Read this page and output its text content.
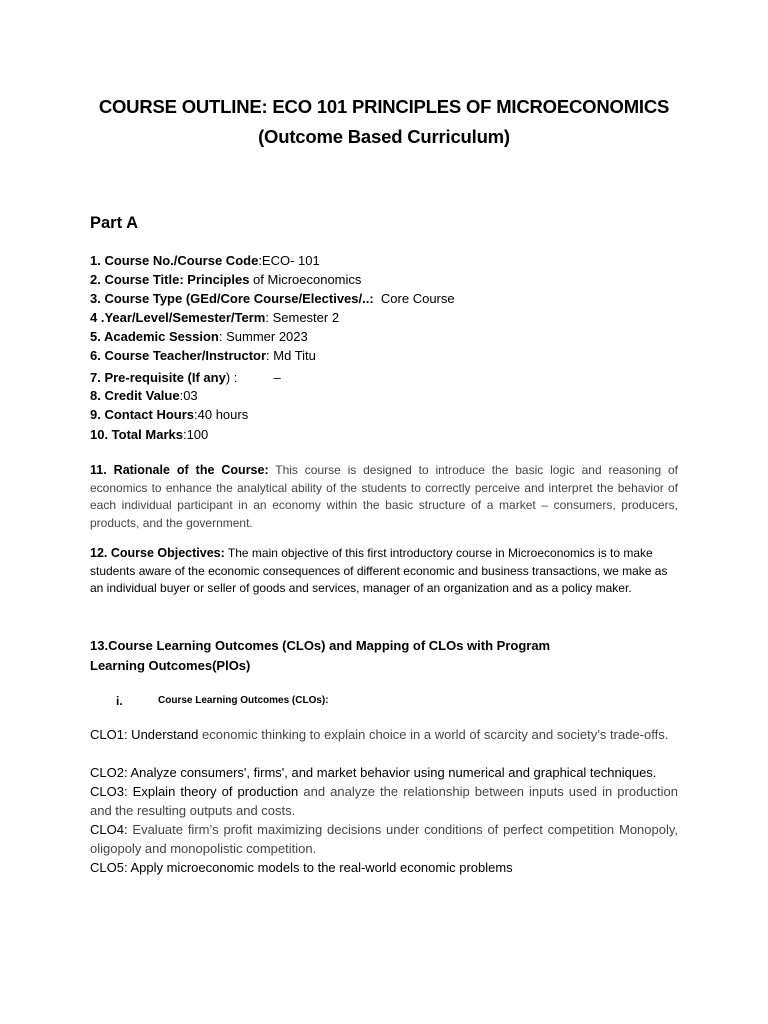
COURSE OUTLINE: ECO 101 PRINCIPLES OF MICROECONOMICS
(Outcome Based Curriculum)
Part A
1. Course No./Course Code:ECO- 101
2. Course Title: Principles of Microeconomics
3. Course Type (GEd/Core Course/Electives/..:  Core Course
4 .Year/Level/Semester/Term: Semester 2
5. Academic Session: Summer 2023
6. Course Teacher/Instructor: Md Titu
7. Pre-requisite (If any) :          –
8. Credit Value:03
9. Contact Hours:40 hours
10. Total Marks:100
11. Rationale of the Course: This course is designed to introduce the basic logic and reasoning of economics to enhance the analytical ability of the students to correctly perceive and interpret the behavior of each individual participant in an economy within the basic structure of a market – consumers, producers, products, and the government.
12. Course Objectives: The main objective of this first introductory course in Microeconomics is to make students aware of the economic consequences of different economic and business transactions, we make as an individual buyer or seller of goods and services, manager of an organization and as a policy maker.
13.Course Learning Outcomes (CLOs) and Mapping of CLOs with Program
Learning Outcomes(PlOs)
i.	Course Learning Outcomes (CLOs):
CLO1: Understand economic thinking to explain choice in a world of scarcity and society’s trade-offs.
CLO2: Analyze consumers', firms', and market behavior using numerical and graphical techniques.
CLO3: Explain theory of production and analyze the relationship between inputs used in production and the resulting outputs and costs.
CLO4: Evaluate firm’s profit maximizing decisions under conditions of perfect competition Monopoly, oligopoly and monopolistic competition.
CLO5: Apply microeconomic models to the real-world economic problems
